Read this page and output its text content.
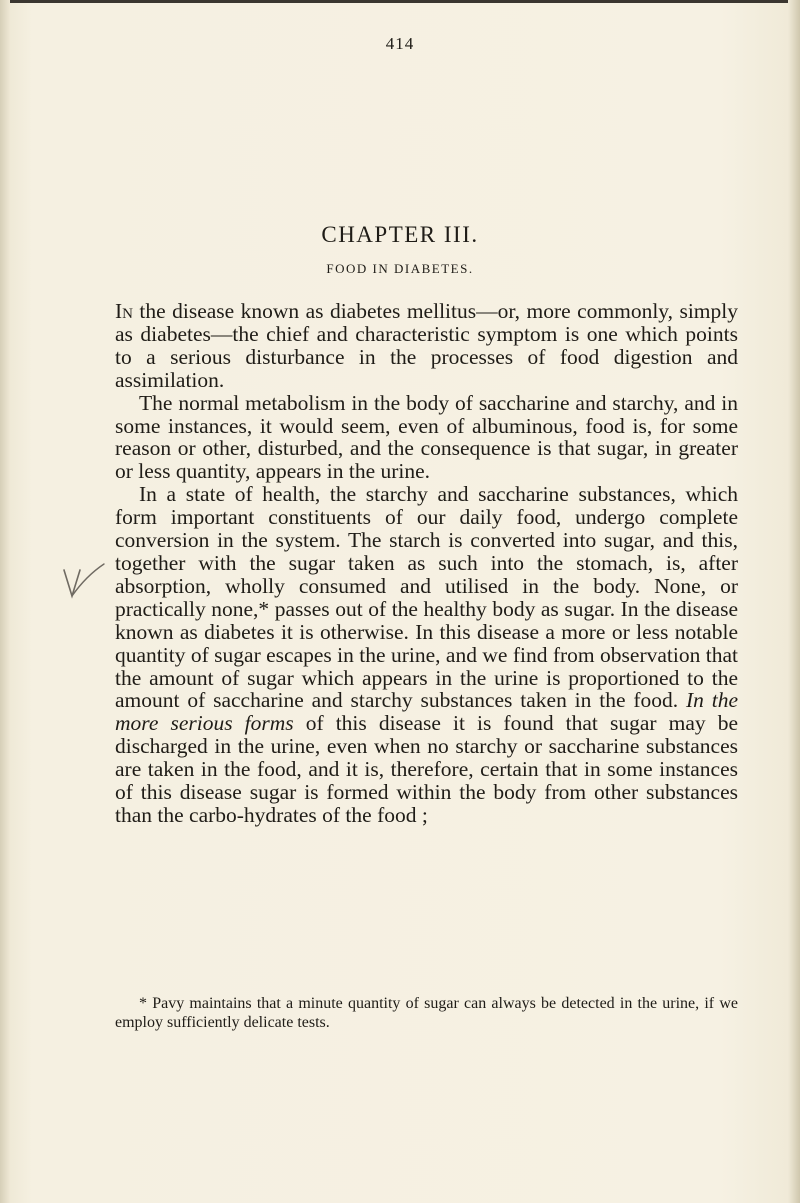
414
CHAPTER III.
FOOD IN DIABETES.

In the disease known as diabetes mellitus—or, more commonly, simply as diabetes—the chief and characteristic symptom is one which points to a serious disturbance in the processes of food digestion and assimilation.

The normal metabolism in the body of saccharine and starchy, and in some instances, it would seem, even of albuminous, food is, for some reason or other, disturbed, and the consequence is that sugar, in greater or less quantity, appears in the urine.

In a state of health, the starchy and saccharine substances, which form important constituents of our daily food, undergo complete conversion in the system. The starch is converted into sugar, and this, together with the sugar taken as such into the stomach, is, after absorption, wholly consumed and utilised in the body. None, or practically none,* passes out of the healthy body as sugar. In the disease known as diabetes it is otherwise. In this disease a more or less notable quantity of sugar escapes in the urine, and we find from observation that the amount of sugar which appears in the urine is proportioned to the amount of saccharine and starchy substances taken in the food. In the more serious forms of this disease it is found that sugar may be discharged in the urine, even when no starchy or saccharine substances are taken in the food, and it is, therefore, certain that in some instances of this disease sugar is formed within the body from other substances than the carbo-hydrates of the food ;

* Pavy maintains that a minute quantity of sugar can always be detected in the urine, if we employ sufficiently delicate tests.
